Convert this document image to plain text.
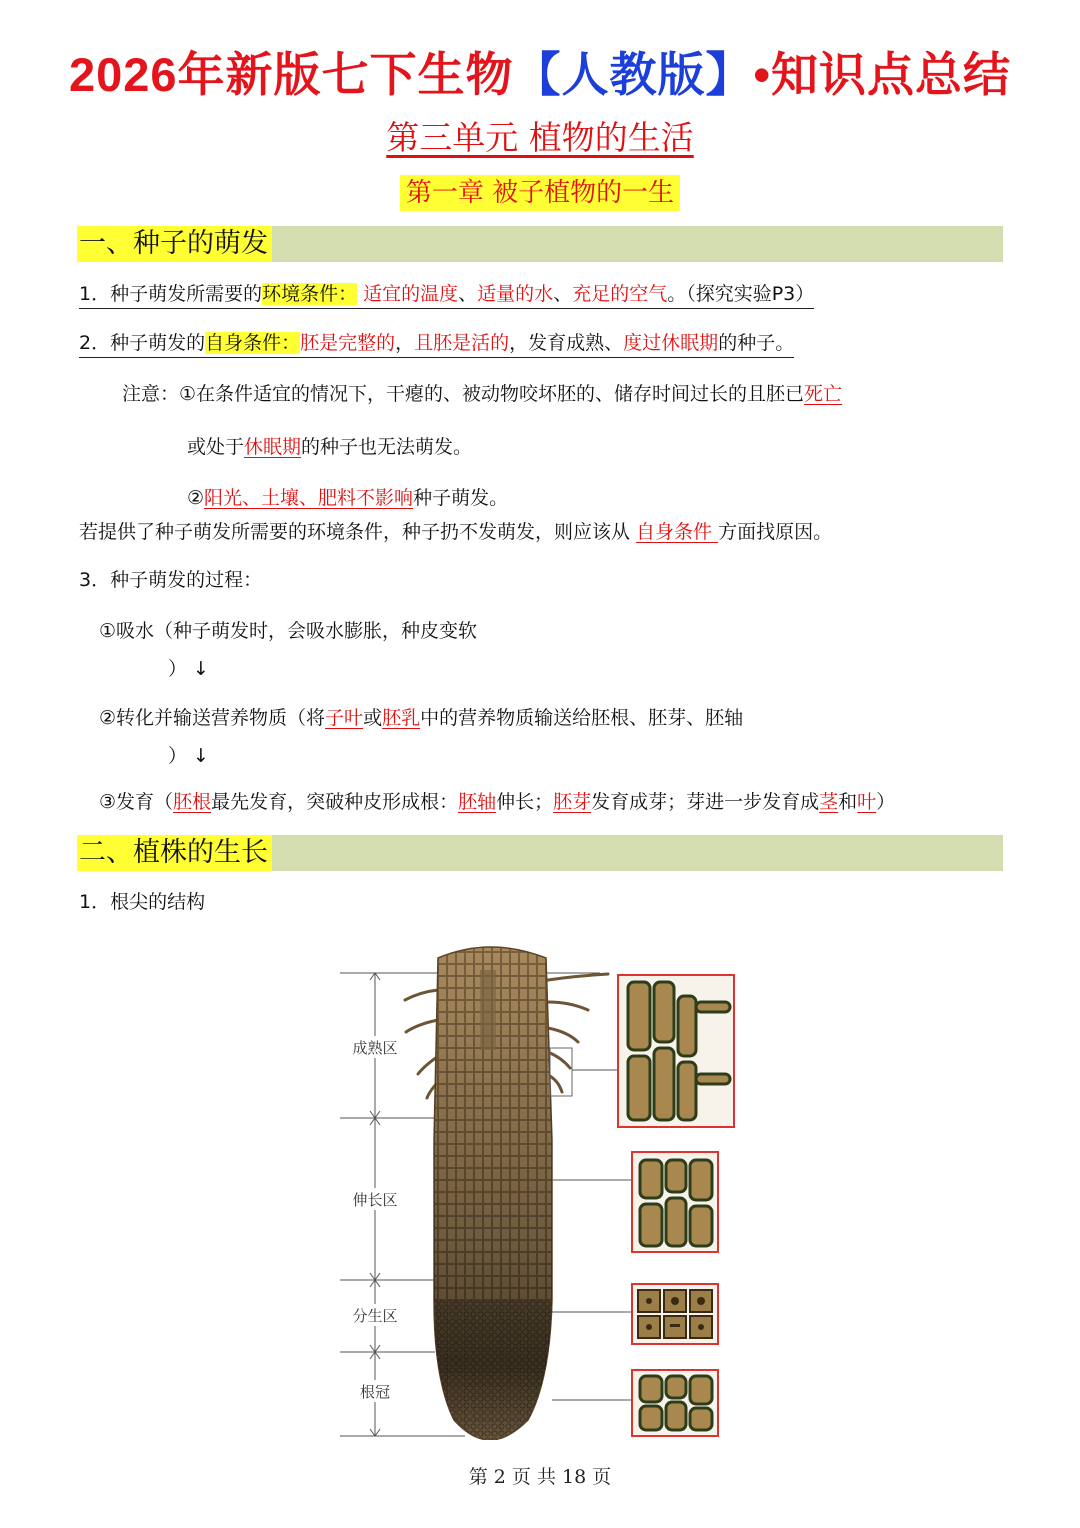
2026年新版七下生物【人教版】•知识点总结
第三单元 植物的生活
第一章 被子植物的一生
一、种子的萌发
1．种子萌发所需要的环境条件： 适宜的温度、适量的水、充足的空气。（探究实验P3）
2．种子萌发的自身条件：胚是完整的，且胚是活的，发育成熟、度过休眠期的种子。
注意：①在条件适宜的情况下，干瘪的、被动物咬坏胚的、储存时间过长的且胚已死亡
或处于休眠期的种子也无法萌发。
②阳光、土壤、肥料不影响种子萌发。
若提供了种子萌发所需要的环境条件，种子扔不发萌发，则应该从 自身条件 方面找原因。
3．种子萌发的过程：
①吸水（种子萌发时，会吸水膨胀，种皮变软
） ↓
②转化并输送营养物质（将子叶或胚乳中的营养物质输送给胚根、胚芽、胚轴
） ↓
③发育（胚根最先发育，突破种皮形成根：胚轴伸长；胚芽发育成芽；芽进一步发育成茎和叶）
二、植株的生长
1．根尖的结构
成熟区
伸长区
分生区
根冠
第 2 页 共 18 页
